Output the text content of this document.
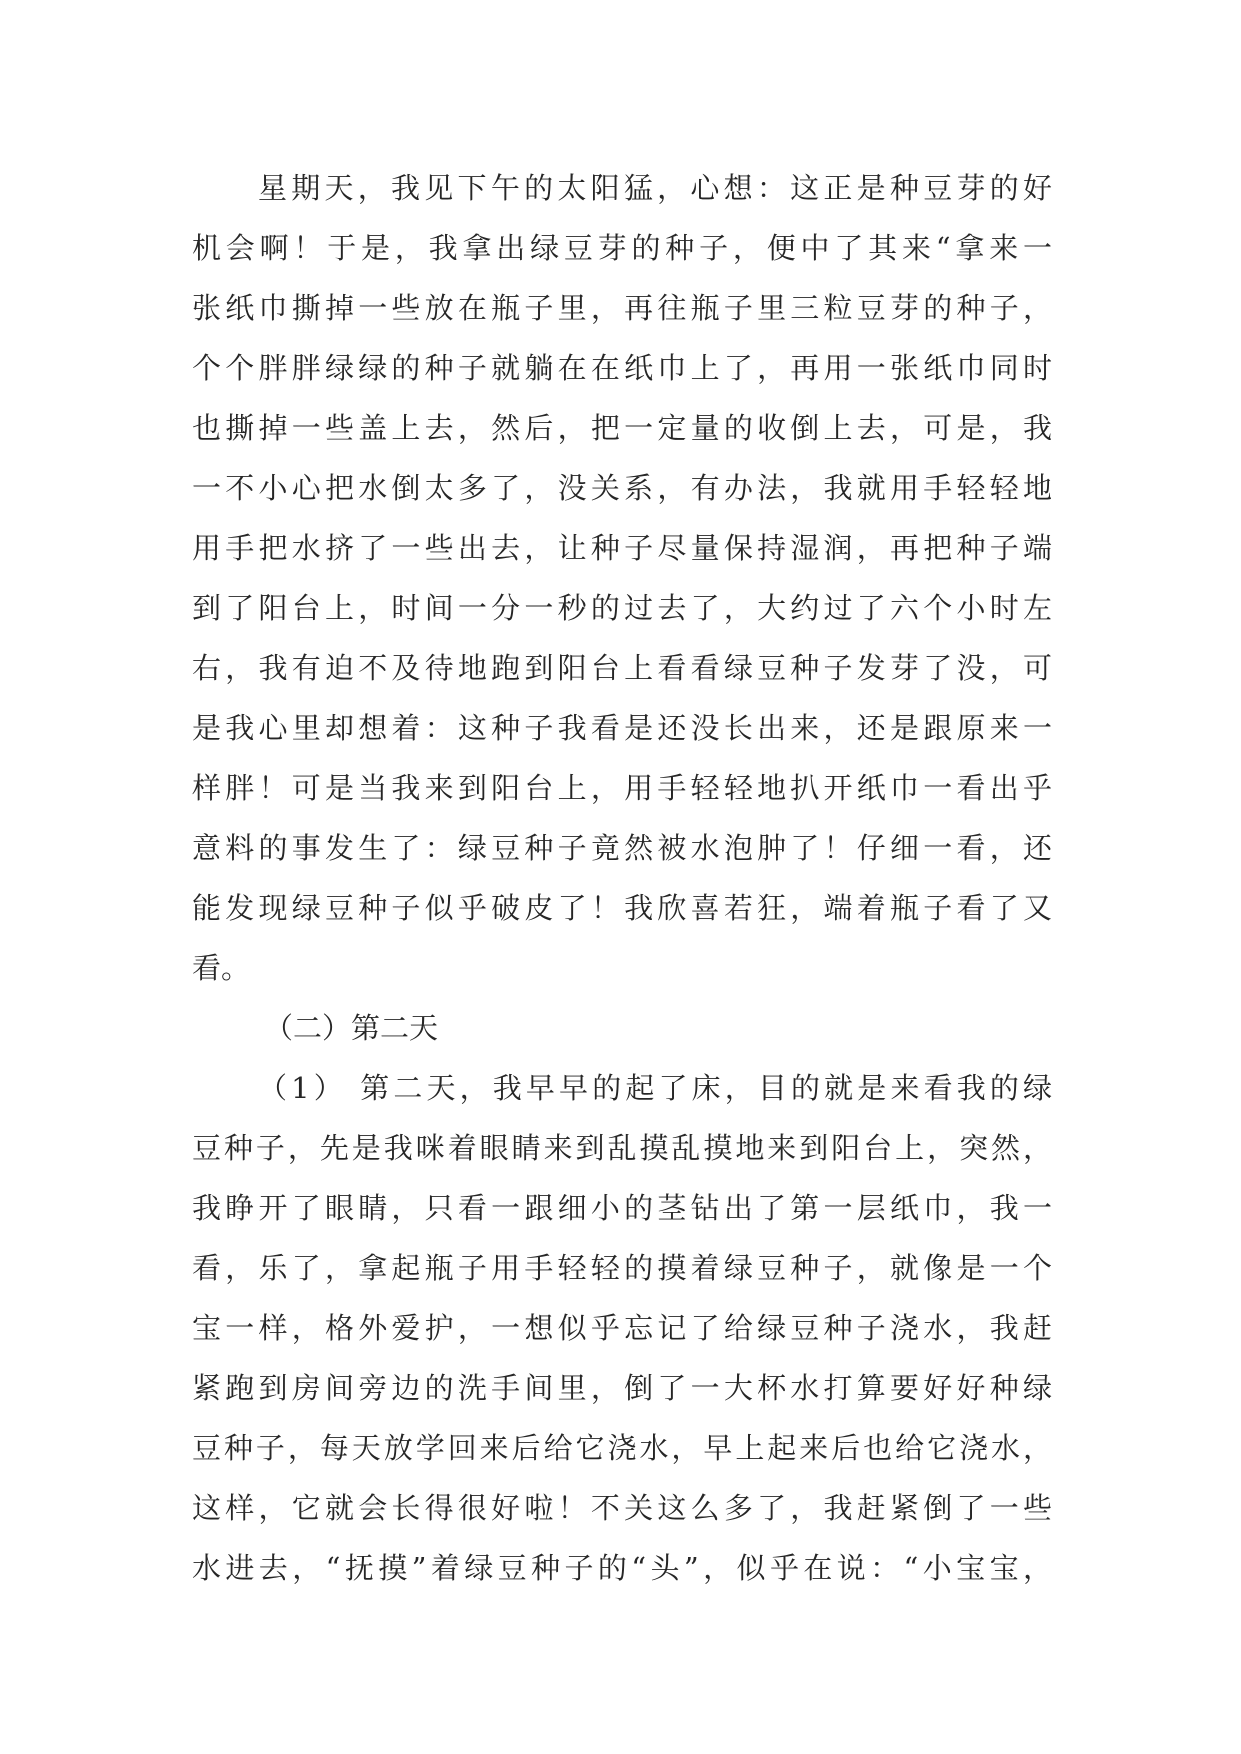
星期天，我见下午的太阳猛，心想：这正是种豆芽的好
机会啊！于是，我拿出绿豆芽的种子，便中了其来“拿来一
张纸巾撕掉一些放在瓶子里，再往瓶子里三粒豆芽的种子，
个个胖胖绿绿的种子就躺在在纸巾上了，再用一张纸巾同时
也撕掉一些盖上去，然后，把一定量的收倒上去，可是，我
一不小心把水倒太多了，没关系，有办法，我就用手轻轻地
用手把水挤了一些出去，让种子尽量保持湿润，再把种子端
到了阳台上，时间一分一秒的过去了，大约过了六个小时左
右，我有迫不及待地跑到阳台上看看绿豆种子发芽了没，可
是我心里却想着：这种子我看是还没长出来，还是跟原来一
样胖！可是当我来到阳台上，用手轻轻地扒开纸巾一看出乎
意料的事发生了：绿豆种子竟然被水泡肿了！仔细一看，还
能发现绿豆种子似乎破皮了！我欣喜若狂，端着瓶子看了又
看。
（二）第二天
（1） 第二天，我早早的起了床，目的就是来看我的绿
豆种子，先是我咪着眼睛来到乱摸乱摸地来到阳台上，突然，
我睁开了眼睛，只看一跟细小的茎钻出了第一层纸巾，我一
看，乐了，拿起瓶子用手轻轻的摸着绿豆种子，就像是一个
宝一样，格外爱护，一想似乎忘记了给绿豆种子浇水，我赶
紧跑到房间旁边的洗手间里，倒了一大杯水打算要好好种绿
豆种子，每天放学回来后给它浇水，早上起来后也给它浇水，
这样，它就会长得很好啦！不关这么多了，我赶紧倒了一些
水进去，“抚摸”着绿豆种子的“头”，似乎在说：“小宝宝，
